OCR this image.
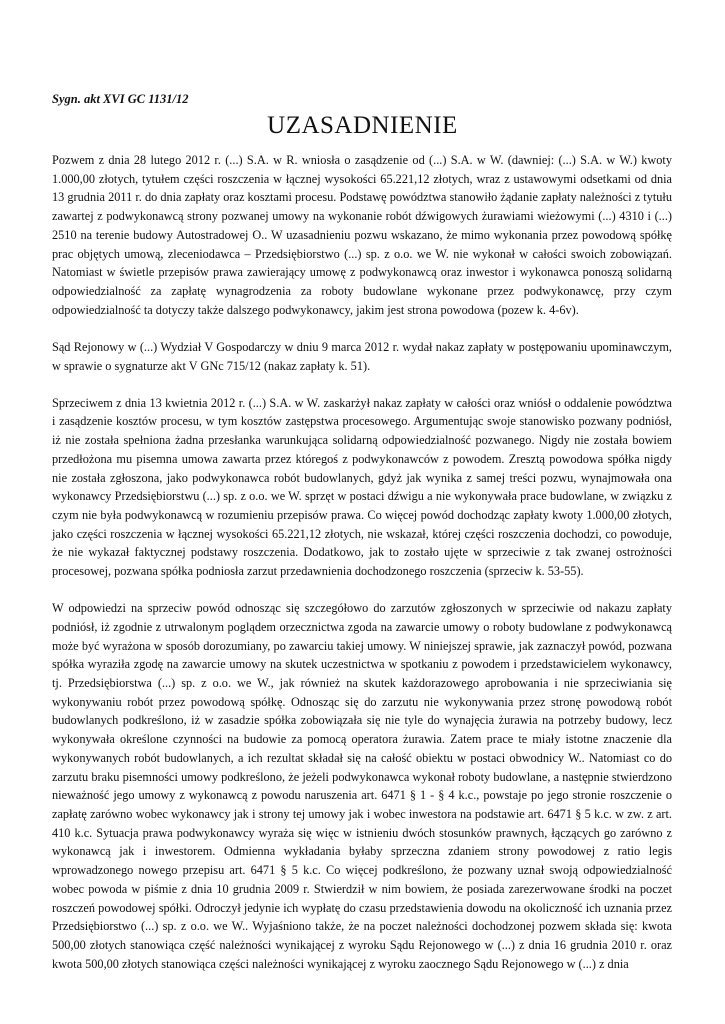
Sygn. akt XVI GC 1131/12
UZASADNIENIE

Pozwem z dnia 28 lutego 2012 r. (...) S.A. w R. wniosła o zasądzenie od (...) S.A. w W. (dawniej: (...) S.A. w W.) kwoty 1.000,00 złotych, tytułem części roszczenia w łącznej wysokości 65.221,12 złotych, wraz z ustawowymi odsetkami od dnia 13 grudnia 2011 r. do dnia zapłaty oraz kosztami procesu. Podstawę powództwa stanowiło żądanie zapłaty należności z tytułu zawartej z podwykonawcą strony pozwanej umowy na wykonanie robót dźwigowych żurawiami wieżowymi (...) 4310 i (...) 2510 na terenie budowy Autostradowej O.. W uzasadnieniu pozwu wskazano, że mimo wykonania przez powodową spółkę prac objętych umową, zleceniodawca – Przedsiębiorstwo (...) sp. z o.o. we W. nie wykonał w całości swoich zobowiązań. Natomiast w świetle przepisów prawa zawierający umowę z podwykonawcą oraz inwestor i wykonawca ponoszą solidarną odpowiedzialność za zapłatę wynagrodzenia za roboty budowlane wykonane przez podwykonawcę, przy czym odpowiedzialność ta dotyczy także dalszego podwykonawcy, jakim jest strona powodowa (pozew k. 4-6v).

Sąd Rejonowy w (...) Wydział V Gospodarczy w dniu 9 marca 2012 r. wydał nakaz zapłaty w postępowaniu upominawczym, w sprawie o sygnaturze akt V GNc 715/12 (nakaz zapłaty k. 51).

Sprzeciwem z dnia 13 kwietnia 2012 r. (...) S.A. w W. zaskarżył nakaz zapłaty w całości oraz wniósł o oddalenie powództwa i zasądzenie kosztów procesu, w tym kosztów zastępstwa procesowego. Argumentując swoje stanowisko pozwany podniósł, iż nie została spełniona żadna przesłanka warunkująca solidarną odpowiedzialność pozwanego. Nigdy nie została bowiem przedłożona mu pisemna umowa zawarta przez któregoś z podwykonawców z powodem. Zresztą powodowa spółka nigdy nie została zgłoszona, jako podwykonawca robót budowlanych, gdyż jak wynika z samej treści pozwu, wynajmowała ona wykonawcy Przedsiębiorstwu (...) sp. z o.o. we W. sprzęt w postaci dźwigu a nie wykonywała prace budowlane, w związku z czym nie była podwykonawcą w rozumieniu przepisów prawa. Co więcej powód dochodząc zapłaty kwoty 1.000,00 złotych, jako części roszczenia w łącznej wysokości 65.221,12 złotych, nie wskazał, której części roszczenia dochodzi, co powoduje, że nie wykazał faktycznej podstawy roszczenia. Dodatkowo, jak to zostało ujęte w sprzeciwie z tak zwanej ostrożności procesowej, pozwana spółka podniosła zarzut przedawnienia dochodzonego roszczenia (sprzeciw k. 53-55).

W odpowiedzi na sprzeciw powód odnosząc się szczegółowo do zarzutów zgłoszonych w sprzeciwie od nakazu zapłaty podniósł, iż zgodnie z utrwalonym poglądem orzecznictwa zgoda na zawarcie umowy o roboty budowlane z podwykonawcą może być wyrażona w sposób dorozumiany, po zawarciu takiej umowy. W niniejszej sprawie, jak zaznaczył powód, pozwana spółka wyraziła zgodę na zawarcie umowy na skutek uczestnictwa w spotkaniu z powodem i przedstawicielem wykonawcy, tj. Przedsiębiorstwa (...) sp. z o.o. we W., jak również na skutek każdorazowego aprobowania i nie sprzeciwiania się wykonywaniu robót przez powodową spółkę. Odnosząc się do zarzutu nie wykonywania przez stronę powodową robót budowlanych podkreślono, iż w zasadzie spółka zobowiązała się nie tyle do wynajęcia żurawia na potrzeby budowy, lecz wykonywała określone czynności na budowie za pomocą operatora żurawia. Zatem prace te miały istotne znaczenie dla wykonywanych robót budowlanych, a ich rezultat składał się na całość obiektu w postaci obwodnicy W.. Natomiast co do zarzutu braku pisemności umowy podkreślono, że jeżeli podwykonawca wykonał roboty budowlane, a następnie stwierdzono nieważność jego umowy z wykonawcą z powodu naruszenia art. 6471 § 1 - § 4 k.c., powstaje po jego stronie roszczenie o zapłatę zarówno wobec wykonawcy jak i strony tej umowy jak i wobec inwestora na podstawie art. 6471 § 5 k.c. w zw. z art. 410 k.c. Sytuacja prawa podwykonawcy wyraża się więc w istnieniu dwóch stosunków prawnych, łączących go zarówno z wykonawcą jak i inwestorem. Odmienna wykładania byłaby sprzeczna zdaniem strony powodowej z ratio legis wprowadzonego nowego przepisu art. 6471 § 5 k.c. Co więcej podkreślono, że pozwany uznał swoją odpowiedzialność wobec powoda w piśmie z dnia 10 grudnia 2009 r. Stwierdził w nim bowiem, że posiada zarezerwowane środki na poczet roszczeń powodowej spółki. Odroczył jedynie ich wypłatę do czasu przedstawienia dowodu na okoliczność ich uznania przez Przedsiębiorstwo (...) sp. z o.o. we W.. Wyjaśniono także, że na poczet należności dochodzonej pozwem składa się: kwota 500,00 złotych stanowiąca część należności wynikającej z wyroku Sądu Rejonowego w (...) z dnia 16 grudnia 2010 r. oraz kwota 500,00 złotych stanowiąca części należności wynikającej z wyroku zaocznego Sądu Rejonowego w (...) z dnia
